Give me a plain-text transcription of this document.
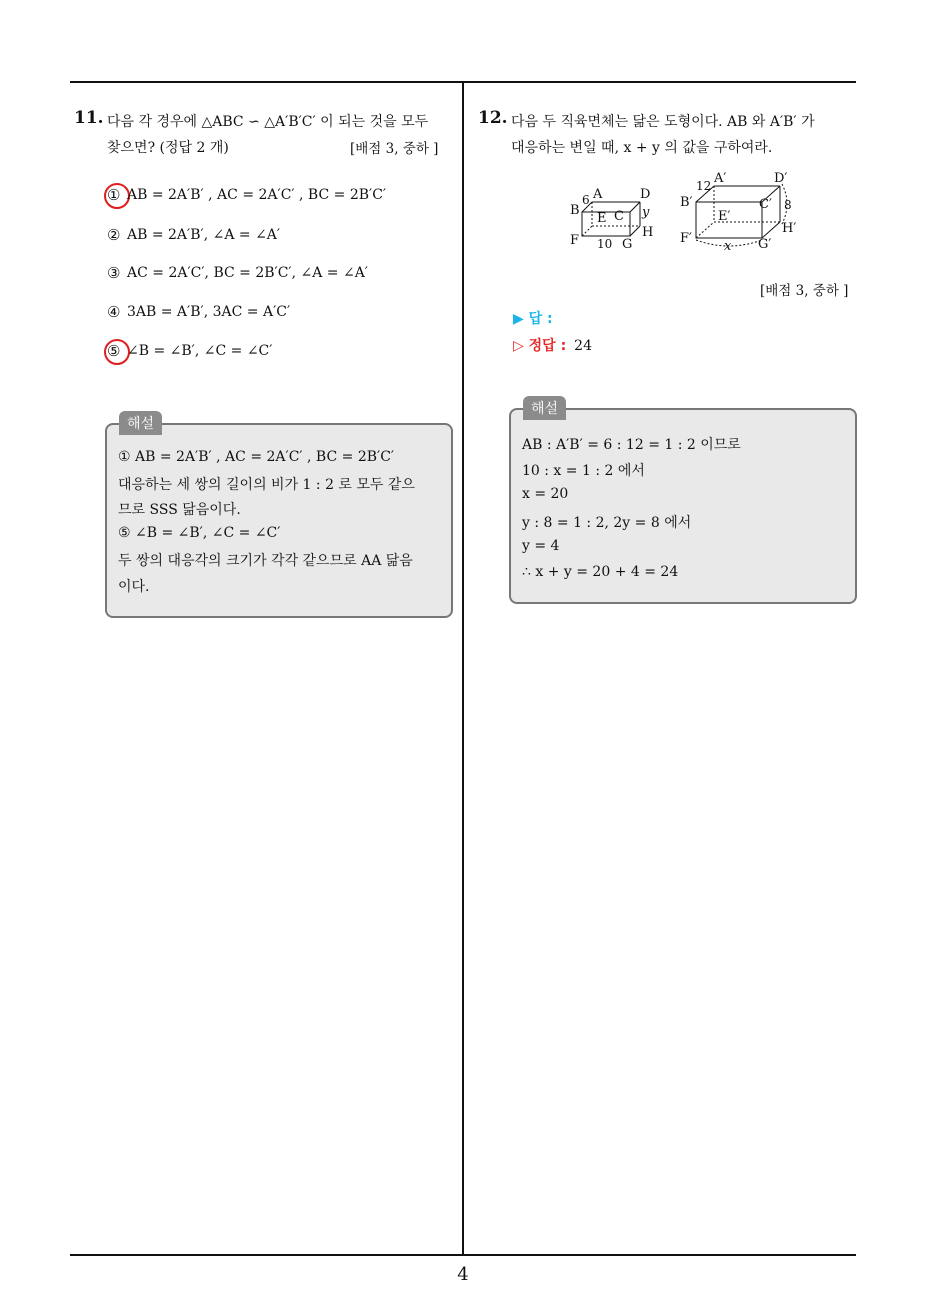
4
11. 다음 각 경우에 △ABC ∽ △A′B′C′ 이 되는 것을 모두
찾으면? (정답 2 개)	[배점 3, 중하 ]
① AB = 2A′B′ , AC = 2A′C′ , BC = 2B′C′
② AB = 2A′B′, ∠A = ∠A′
③ AC = 2A′C′, BC = 2B′C′, ∠A = ∠A′
④ 3AB = A′B′, 3AC = A′C′
⑤ ∠B = ∠B′, ∠C = ∠C′
해설
① AB = 2A′B′ , AC = 2A′C′ , BC = 2B′C′
대응하는 세 쌍의 길이의 비가 1 : 2 로 모두 같으
므로 SSS 닮음이다.
⑤ ∠B = ∠B′, ∠C = ∠C′
두 쌍의 대응각의 크기가 각각 같으므로 AA 닮음
이다.
12. 다음 두 직육면체는 닮은 도형이다. AB 와 A′B′ 가
대응하는 변일 때, x + y 의 값을 구하여라.
A
B	C
D
E
F	G
H
6
10
y
A′
B′	C′
D′
E′
F′	G′
H′
12
8
x
[배점 3, 중하 ]
▶ 답 :
▷ 정답 : 24
해설
AB : A′B′ = 6 : 12 = 1 : 2 이므로
10 : x = 1 : 2 에서
x = 20
y : 8 = 1 : 2, 2y = 8 에서
y = 4
∴ x + y = 20 + 4 = 24
